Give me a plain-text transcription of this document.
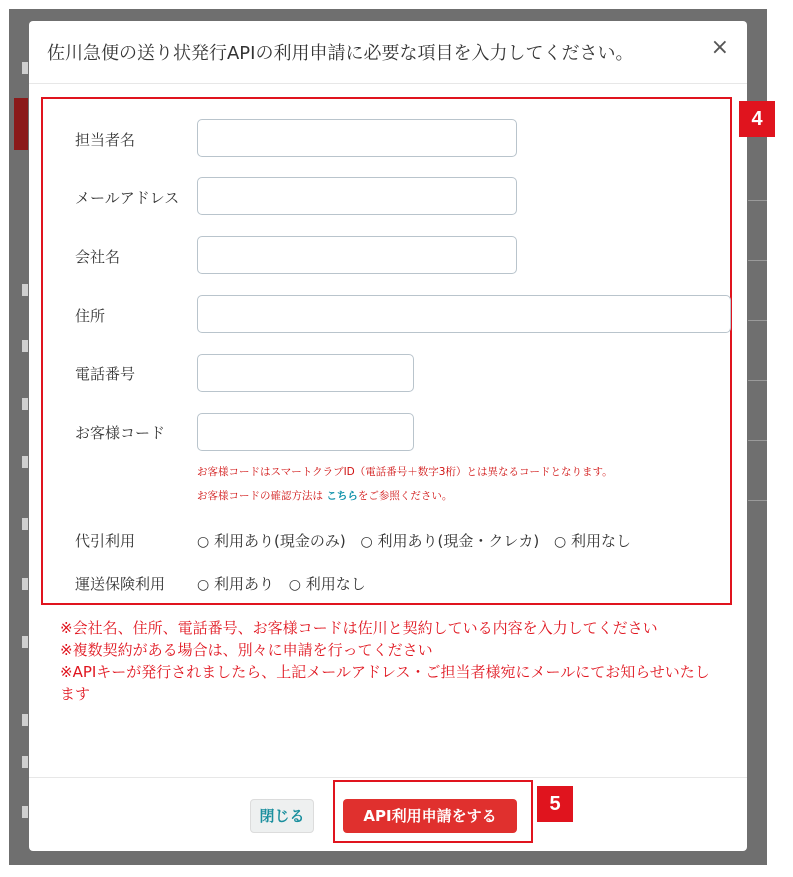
佐川急便の送り状発行APIの利用申請に必要な項目を入力してください。	×
担当者名
メールアドレス
会社名
住所
電話番号
お客様コード
お客様コードはスマートクラブID（電話番号＋数字3桁）とは異なるコードとなります。
お客様コードの確認方法は こちらをご参照ください。
代引利用	○ 利用あり(現金のみ) ○ 利用あり(現金・クレカ) ○ 利用なし
運送保険利用 ○ 利用あり ○ 利用なし
4
※会社名、住所、電話番号、お客様コードは佐川と契約している内容を入力してください
※複数契約がある場合は、別々に申請を行ってください
※APIキーが発行されましたら、上記メールアドレス・ご担当者様宛にメールにてお知らせいたします
閉じる	API利用申請をする
5
